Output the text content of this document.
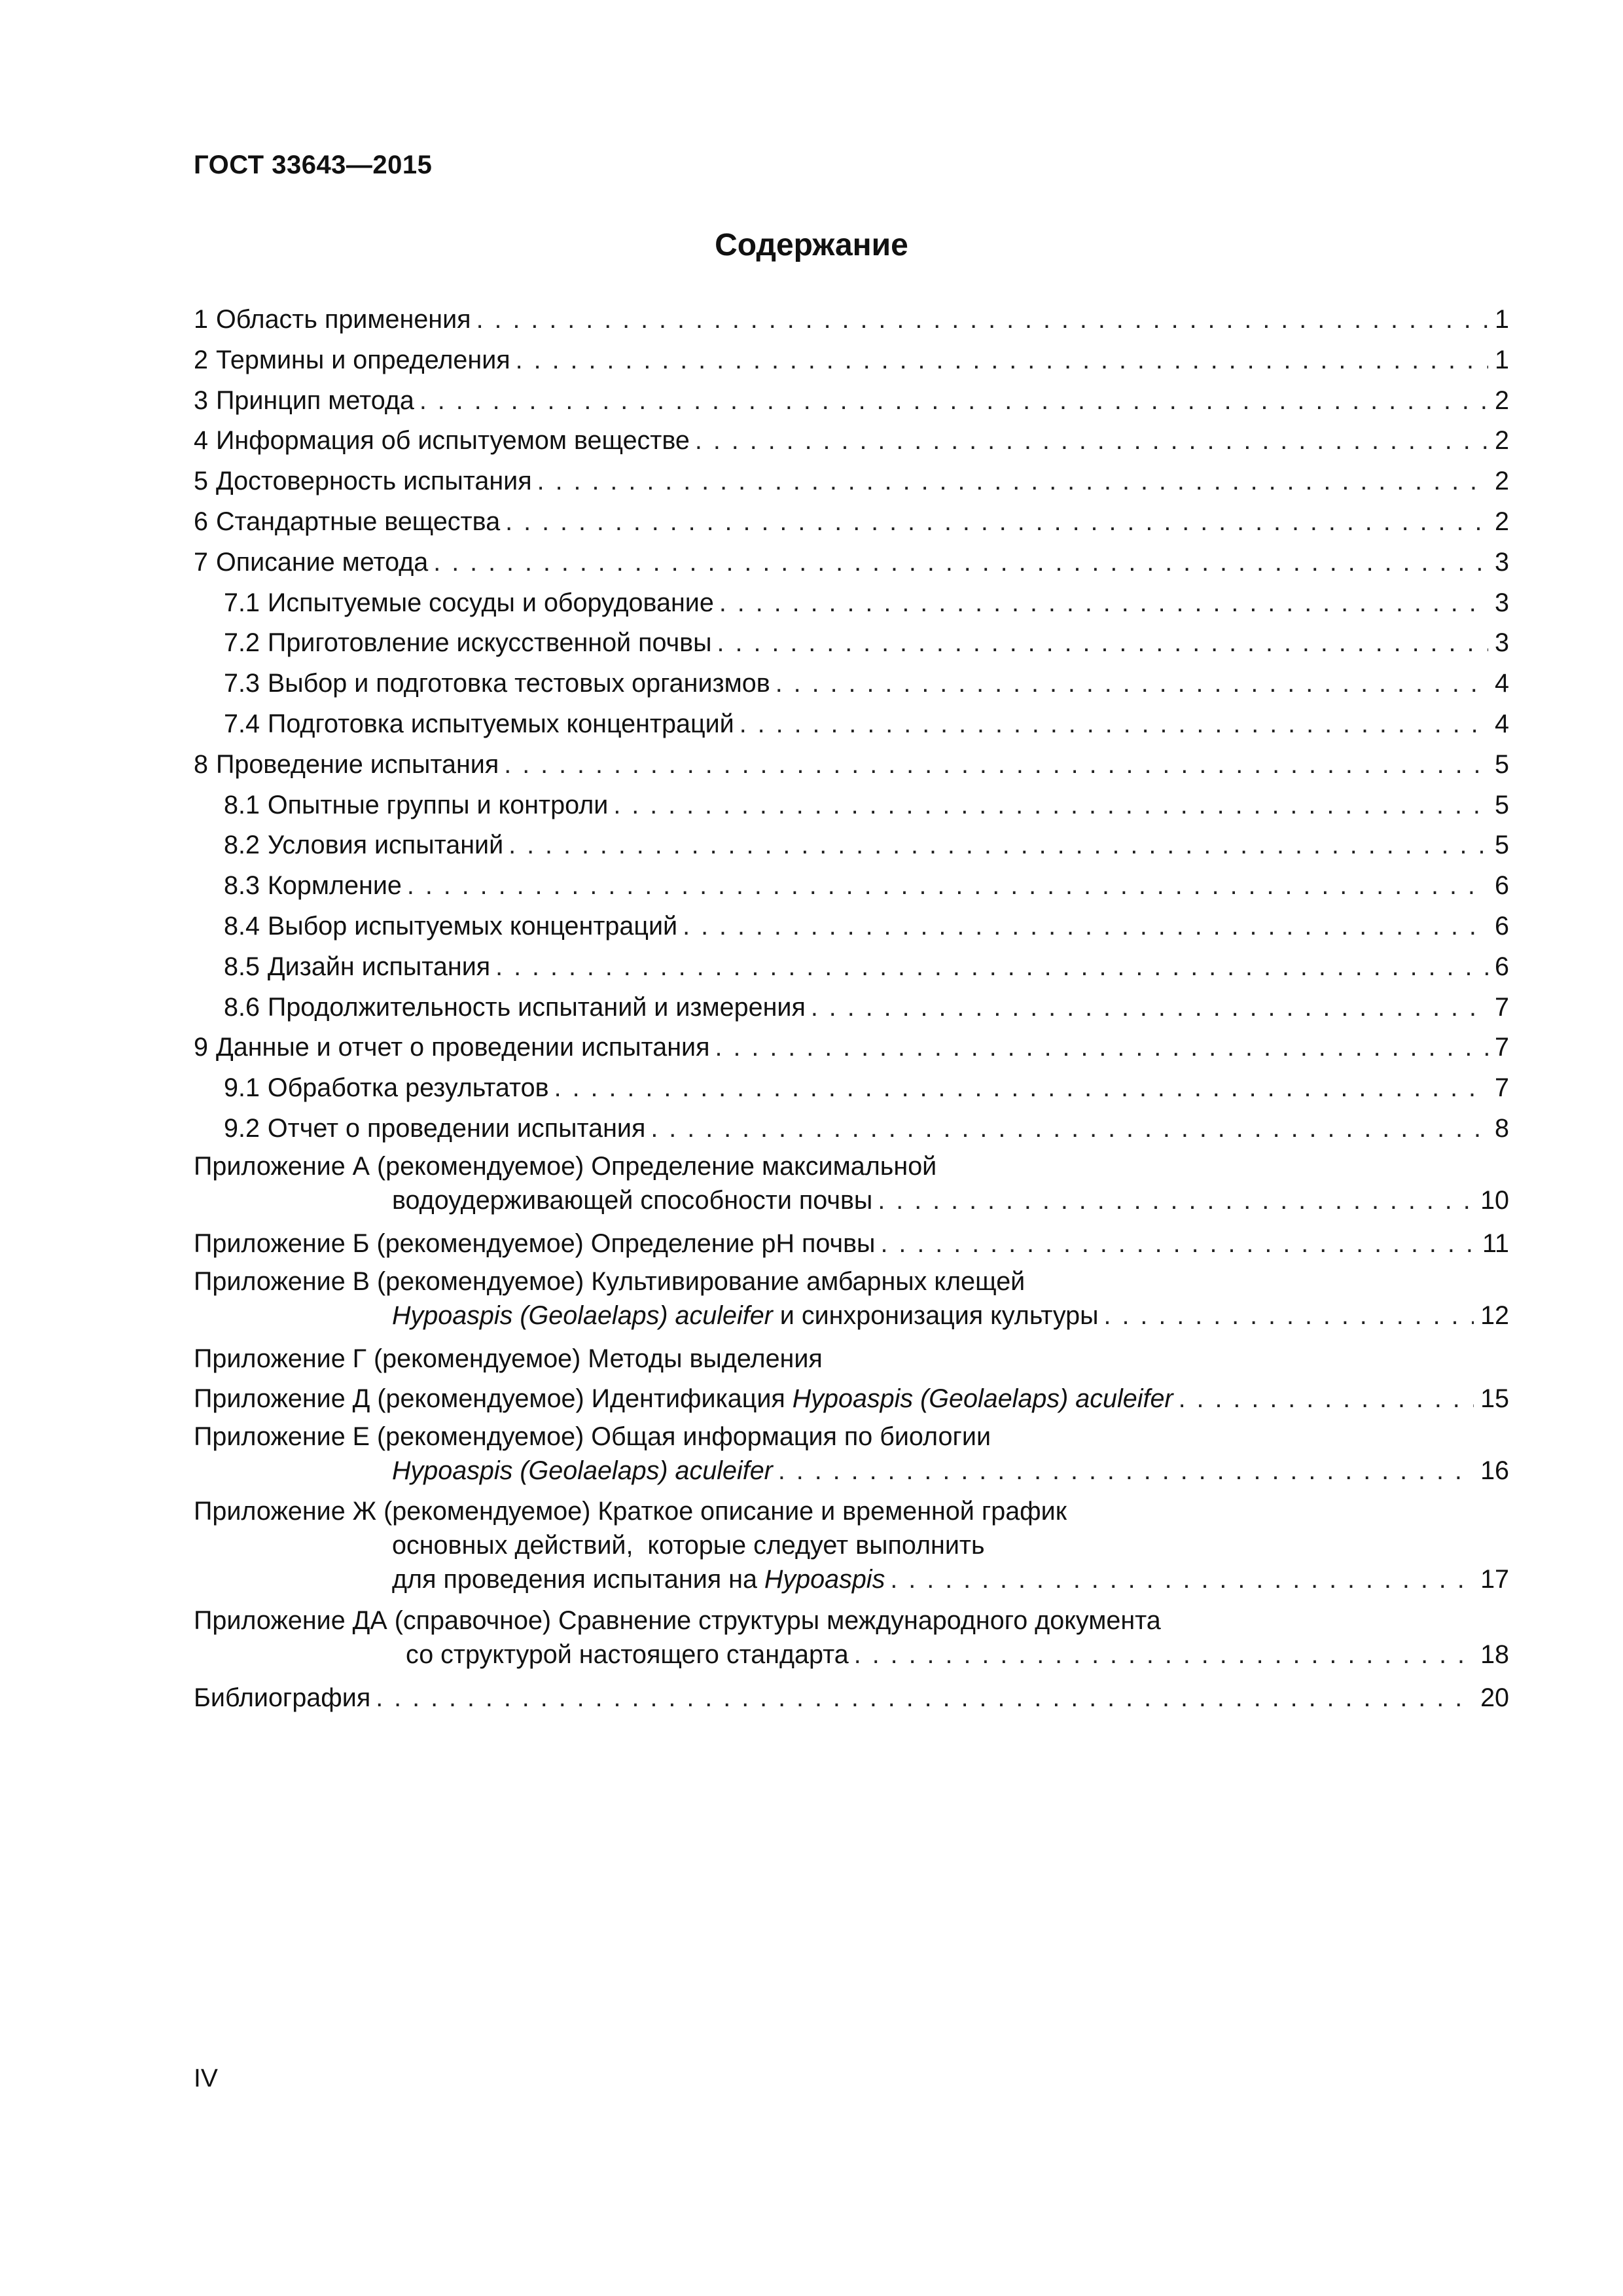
ГОСТ 33643—2015
Содержание
1 Область применения . . .	1
2 Термины и определения . . .	1
3 Принцип метода . . .	2
4 Информация об испытуемом веществе . . .	2
5 Достоверность испытания . . .	2
6 Стандартные вещества . . .	2
7 Описание метода . . .	3
7.1 Испытуемые сосуды и оборудование . . .	3
7.2 Приготовление искусственной почвы . . .	3
7.3 Выбор и подготовка тестовых организмов . . .	4
7.4 Подготовка испытуемых концентраций . . .	4
8 Проведение испытания . . .	5
8.1 Опытные группы и контроли . . .	5
8.2 Условия испытаний . . .	5
8.3 Кормление . . .	6
8.4 Выбор испытуемых концентраций . . .	6
8.5 Дизайн испытания . . .	6
8.6 Продолжительность испытаний и измерения . . .	7
9 Данные и отчет о проведении испытания . . .	7
9.1 Обработка результатов . . .	7
9.2 Отчет о проведении испытания . . .	8
Приложение А (рекомендуемое) Определение максимальной
водоудерживающей способности почвы . . .	10
Приложение Б (рекомендуемое) Определение pH почвы . . .	11
Приложение В (рекомендуемое) Культивирование амбарных клещей
Hypoaspis (Geolaelaps) aculeifer и синхронизация культуры . . .	12
Приложение Г (рекомендуемое) Методы выделения
Приложение Д (рекомендуемое) Идентификация Hypoaspis (Geolaelaps) aculeifer . . .	15
Приложение Е (рекомендуемое) Общая информация по биологии
Hypoaspis (Geolaelaps) aculeifer . . .	16
Приложение Ж (рекомендуемое) Краткое описание и временной график
основных действий,  которые следует выполнить
для проведения испытания на Hypoaspis . . .	17
Приложение ДА (справочное) Сравнение структуры международного документа
со структурой настоящего стандарта . . .	18
Библиография . . .	20
IV
